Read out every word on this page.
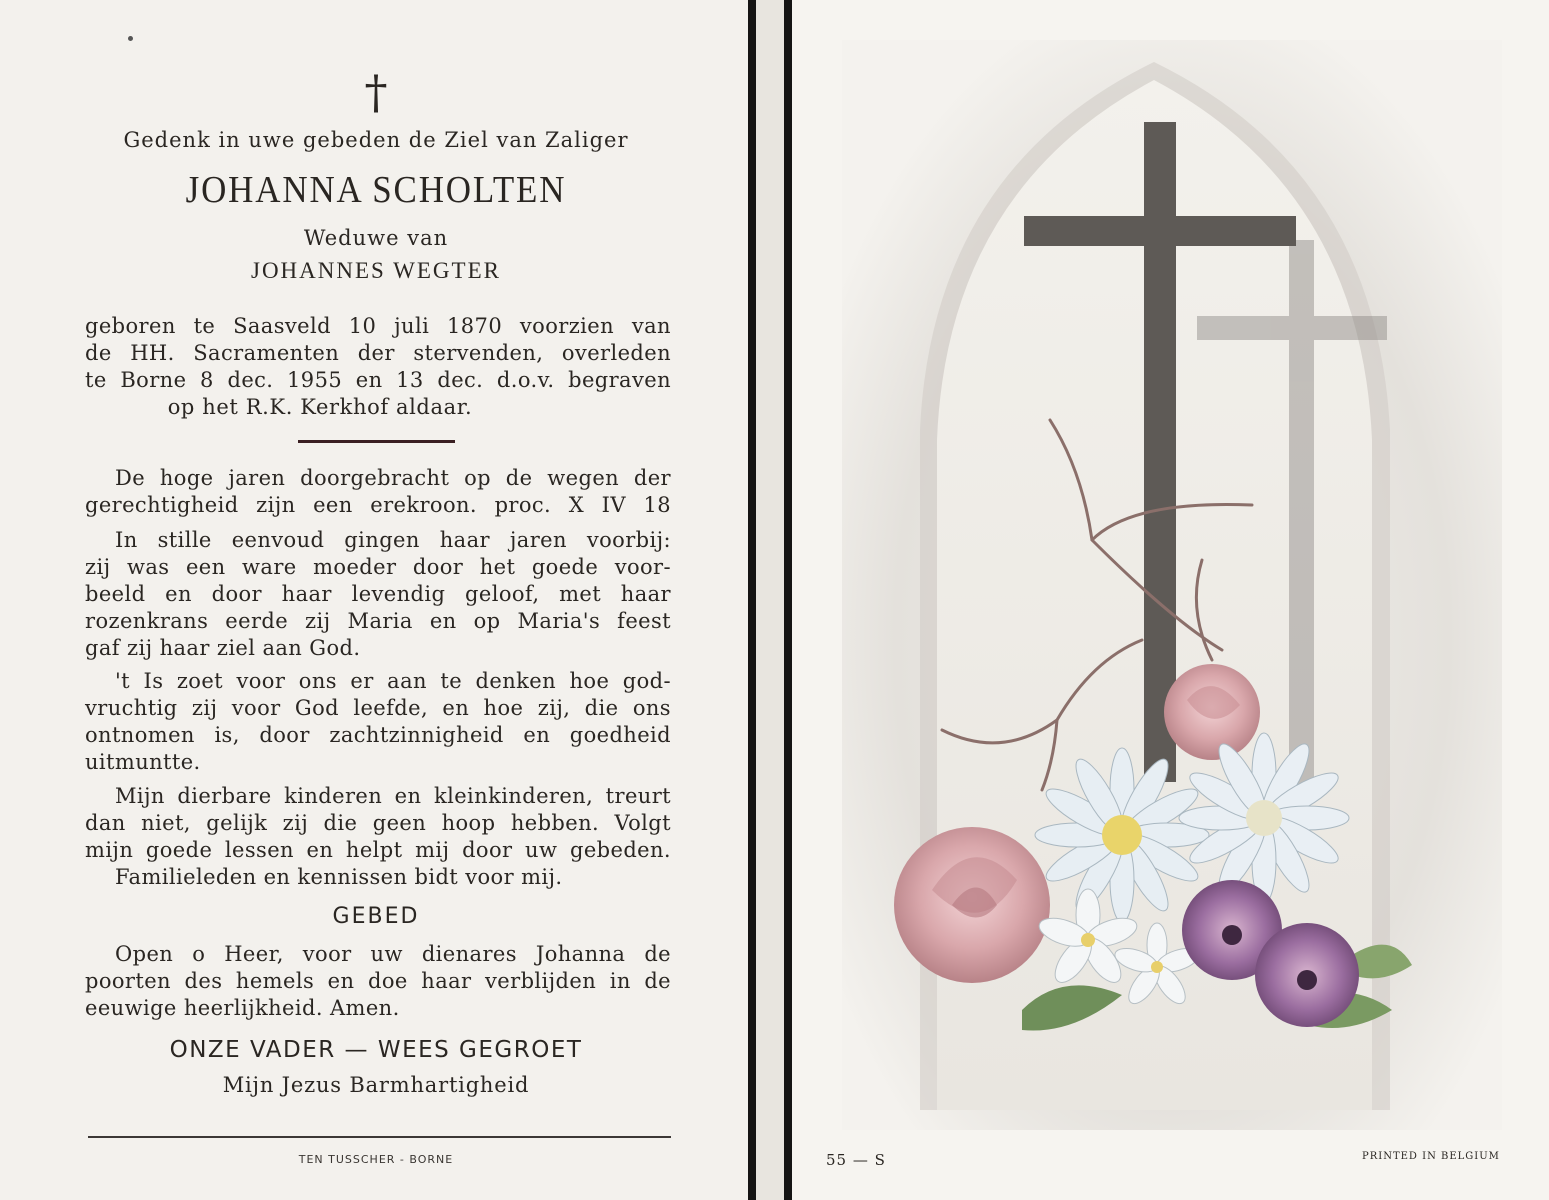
†
Gedenk in uwe gebeden de Ziel van Zaliger
JOHANNA SCHOLTEN
Weduwe van
JOHANNES WEGTER
geboren te Saasveld 10 juli 1870 voorzien van
de HH. Sacramenten der stervenden, overleden
te Borne 8 dec. 1955 en 13 dec. d.o.v. begraven
op het R.K. Kerkhof aldaar.
De hoge jaren doorgebracht op de wegen der
gerechtigheid zijn een erekroon. proc. X IV 18
In stille eenvoud gingen haar jaren voorbij:
zij was een ware moeder door het goede voor-
beeld en door haar levendig geloof, met haar
rozenkrans eerde zij Maria en op Maria's feest
gaf zij haar ziel aan God.
't Is zoet voor ons er aan te denken hoe god-
vruchtig zij voor God leefde, en hoe zij, die ons
ontnomen is, door zachtzinnigheid en goedheid
uitmuntte.
Mijn dierbare kinderen en kleinkinderen, treurt
dan niet, gelijk zij die geen hoop hebben. Volgt
mijn goede lessen en helpt mij door uw gebeden.
Familieleden en kennissen bidt voor mij.
GEBED
Open o Heer, voor uw dienares Johanna de
poorten des hemels en doe haar verblijden in de
eeuwige heerlijkheid. Amen.
ONZE VADER — WEES GEGROET
Mijn Jezus Barmhartigheid
TEN TUSSCHER - BORNE	55 — S	PRINTED IN BELGIUM
